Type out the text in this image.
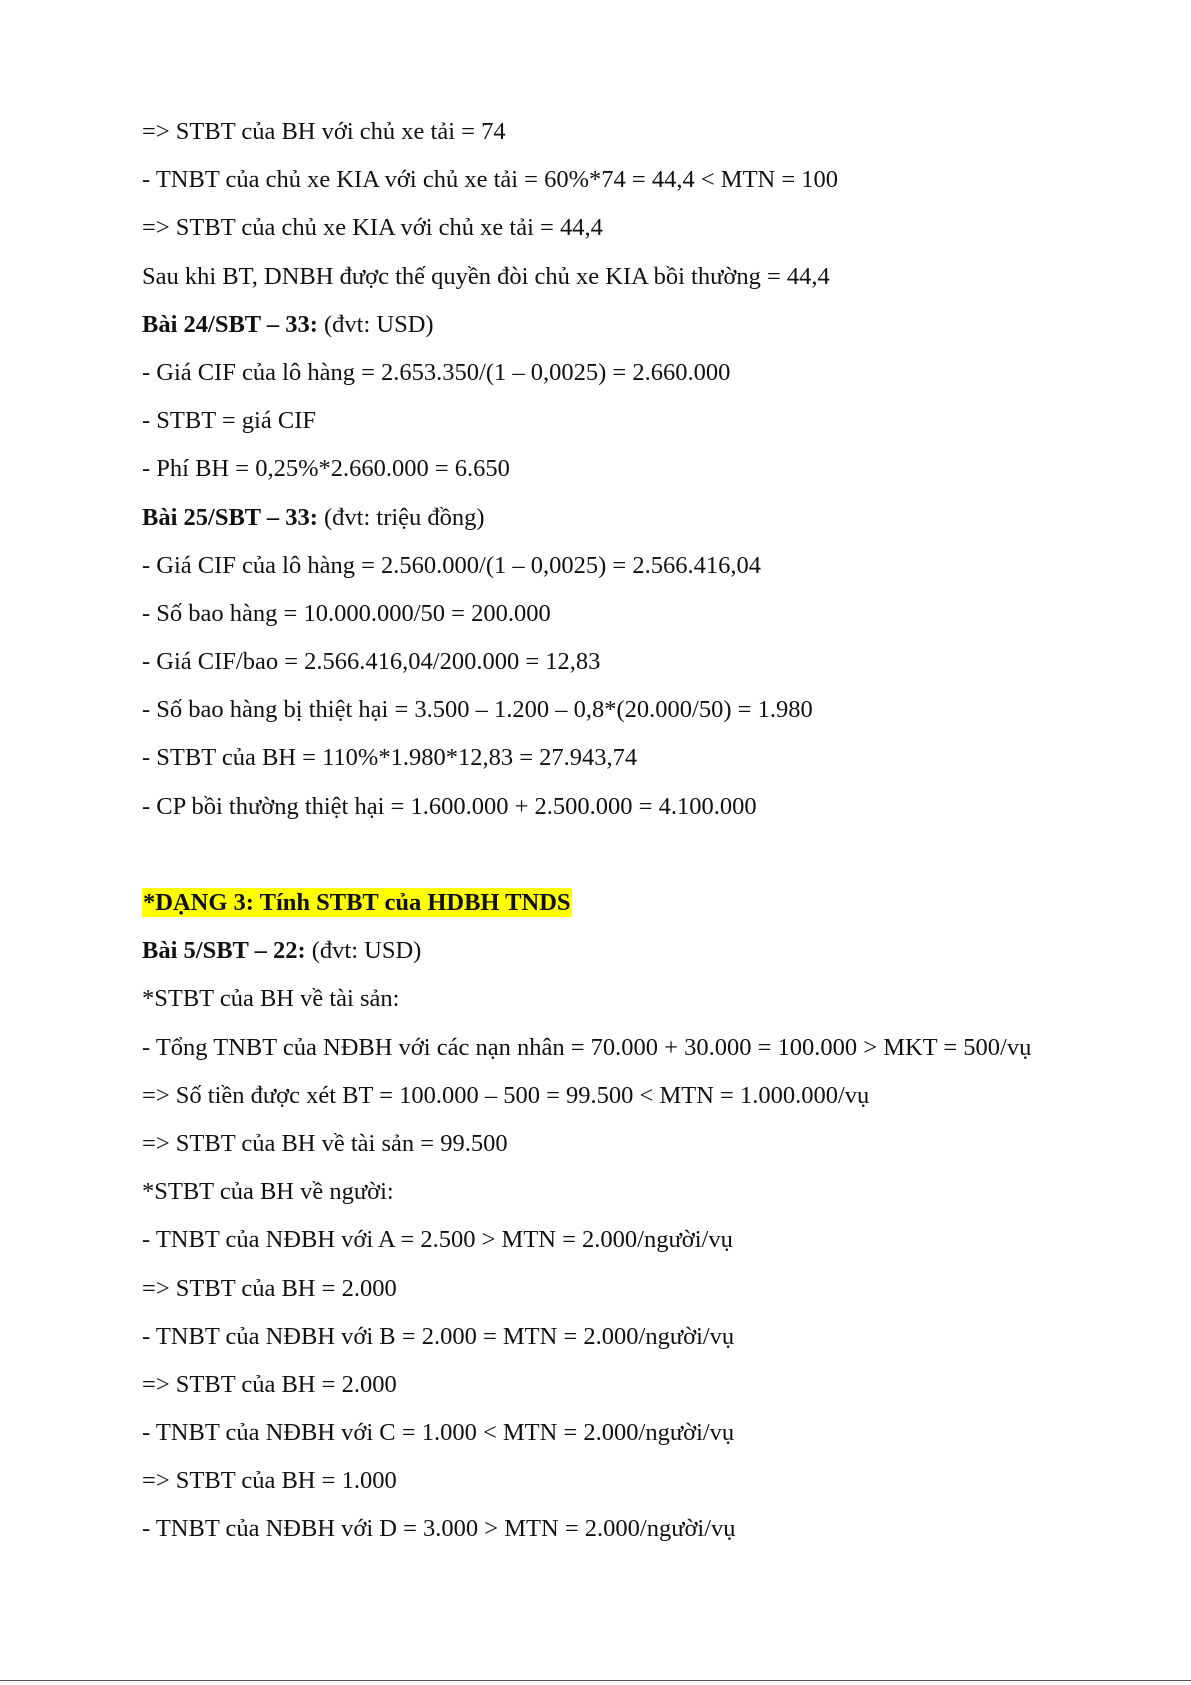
=> STBT của BH với chủ xe tải = 74
- TNBT của chủ xe KIA với chủ xe tải = 60%*74 = 44,4 < MTN = 100
=> STBT của chủ xe KIA với chủ xe tải = 44,4
Sau khi BT, DNBH được thế quyền đòi chủ xe KIA bồi thường = 44,4
Bài 24/SBT – 33: (đvt: USD)
- Giá CIF của lô hàng = 2.653.350/(1 – 0,0025) = 2.660.000
- STBT = giá CIF
- Phí BH = 0,25%*2.660.000 = 6.650
Bài 25/SBT – 33: (đvt: triệu đồng)
- Giá CIF của lô hàng = 2.560.000/(1 – 0,0025) = 2.566.416,04
- Số bao hàng = 10.000.000/50 = 200.000
- Giá CIF/bao = 2.566.416,04/200.000 = 12,83
- Số bao hàng bị thiệt hại = 3.500 – 1.200 – 0,8*(20.000/50) = 1.980
- STBT của BH = 110%*1.980*12,83 = 27.943,74
- CP bồi thường thiệt hại = 1.600.000 + 2.500.000 = 4.100.000
*DẠNG 3: Tính STBT của HDBH TNDS
Bài 5/SBT – 22: (đvt: USD)
*STBT của BH về tài sản:
- Tổng TNBT của NĐBH với các nạn nhân = 70.000 + 30.000 = 100.000 > MKT = 500/vụ
=> Số tiền được xét BT = 100.000 – 500 = 99.500 < MTN = 1.000.000/vụ
=> STBT của BH về tài sản = 99.500
*STBT của BH về người:
- TNBT của NĐBH với A = 2.500 > MTN = 2.000/người/vụ
=> STBT của BH = 2.000
- TNBT của NĐBH với B = 2.000 = MTN = 2.000/người/vụ
=> STBT của BH = 2.000
- TNBT của NĐBH với C = 1.000 < MTN = 2.000/người/vụ
=> STBT của BH = 1.000
- TNBT của NĐBH với D = 3.000 > MTN = 2.000/người/vụ
